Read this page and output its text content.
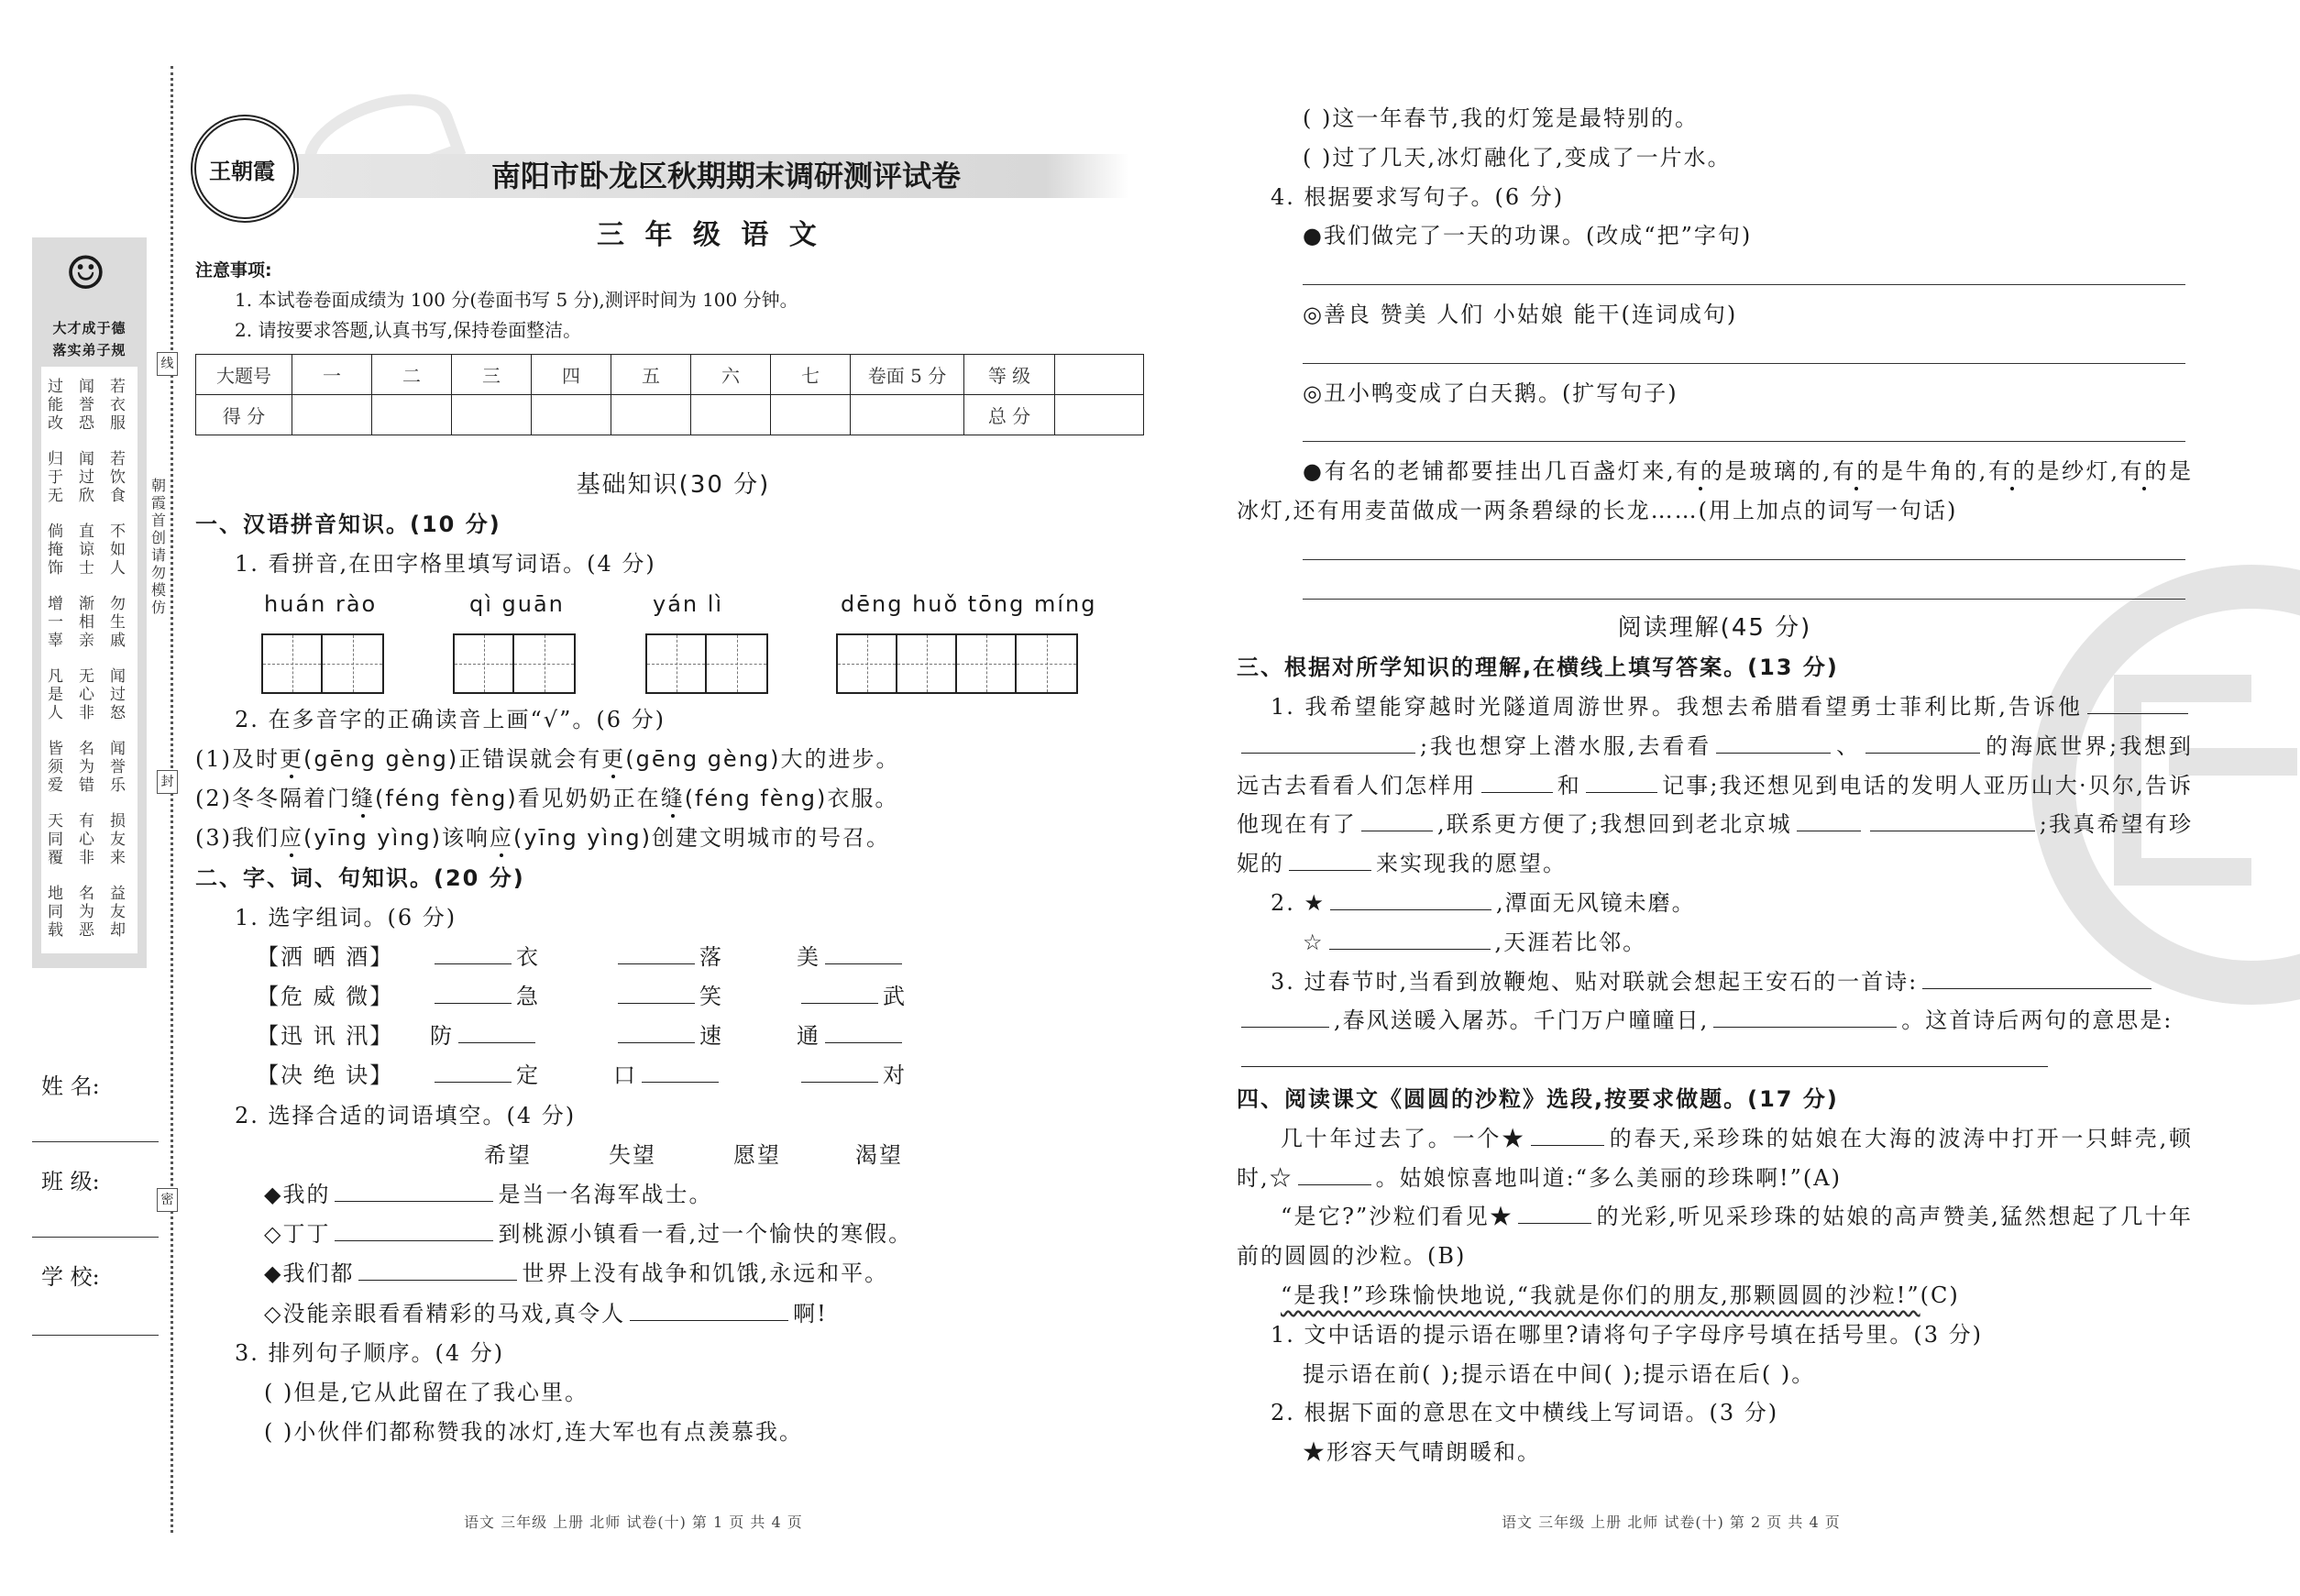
☺
大才成于德
落实弟子规
姓 名:
班 级:
学 校:
线
封
密
朝霞首创 请勿模仿
王朝霞	南阳市卧龙区秋期期末调研测评试卷
三 年 级 语 文
注意事项:
1. 本试卷卷面成绩为 100 分(卷面书写 5 分),测评时间为 100 分钟。
2. 请按要求答题,认真书写,保持卷面整洁。
大题号	一	二	三	四	五	六	七	卷面 5 分	等 级	
得 分									总 分	
基础知识(30 分)
一、汉语拼音知识。(10 分)
1. 看拼音,在田字格里填写词语。(4 分)
huán rào	qì guān	yán lì	dēng huǒ tōng míng
2. 在多音字的正确读音上画“√”。(6 分)
(1)及时更(gēng gèng)正错误就会有更(gēng gèng)大的进步。
(2)冬冬隔着门缝(féng fèng)看见奶奶正在缝(féng fèng)衣服。
(3)我们应(yīng yìng)该响应(yīng yìng)创建文明城市的号召。
二、字、词、句知识。(20 分)
1. 选字组词。(6 分)
【洒 晒 酒】	衣	落	美
【危 威 微】	急	笑	武
【迅 讯 汛】 防	速	通
【决 绝 诀】	定	口	对
2. 选择合适的词语填空。(4 分)
希望	失望	愿望	渴望
◆我的	是当一名海军战士。
◇丁丁	到桃源小镇看一看,过一个愉快的寒假。
◆我们都	世界上没有战争和饥饿,永远和平。
◇没能亲眼看看精彩的马戏,真令人	啊!
3. 排列句子顺序。(4 分)
( )但是,它从此留在了我心里。
( )小伙伴们都称赞我的冰灯,连大军也有点羡慕我。
语文 三年级 上册 北师 试卷(十) 第 1 页 共 4 页
( )这一年春节,我的灯笼是最特别的。
( )过了几天,冰灯融化了,变成了一片水。
4. 根据要求写句子。(6 分)
●我们做完了一天的功课。(改成“把”字句)
◎善良 赞美 人们 小姑娘 能干(连词成句)
◎丑小鸭变成了白天鹅。(扩写句子)
●有名的老铺都要挂出几百盏灯来,有的是玻璃的,有的是牛角的,有的是纱灯,有的是冰灯,还有用麦苗做成一两条碧绿的长龙……(用上加点的词写一句话)
阅读理解(45 分)
三、根据对所学知识的理解,在横线上填写答案。(13 分)
1. 我希望能穿越时光隧道周游世界。我想去希腊看望勇士菲利比斯,告诉他;我也想穿上潜水服,去看看	、	的海底世界;我想到远古去看看人们怎样用	和	记事;我还想见到电话的发明人亚历山大·贝尔,告诉他现在有了	,联系更方便了;我想回到老北京城	;我真希望有珍妮的	来实现我的愿望。
2. ★	,潭面无风镜未磨。
☆	,天涯若比邻。
3. 过春节时,当看到放鞭炮、贴对联就会想起王安石的一首诗:,春风送暖入屠苏。千门万户曈曈日,	。这首诗后两句的意思是:
四、阅读课文《圆圆的沙粒》选段,按要求做题。(17 分)
几十年过去了。一个★	的春天,采珍珠的姑娘在大海的波涛中打开一只蚌壳,顿时,☆	。姑娘惊喜地叫道:“多么美丽的珍珠啊!”(A)
“是它?”沙粒们看见★	的光彩,听见采珍珠的姑娘的高声赞美,猛然想起了几十年前的圆圆的沙粒。(B)
“是我!”珍珠愉快地说,“我就是你们的朋友,那颗圆圆的沙粒!”(C)
1. 文中话语的提示语在哪里?请将句子字母序号填在括号里。(3 分)
提示语在前( );提示语在中间( );提示语在后( )。
2. 根据下面的意思在文中横线上写词语。(3 分)
★形容天气晴朗暖和。
语文 三年级 上册 北师 试卷(十) 第 2 页 共 4 页
过闻若
能誉衣
改恐服
归闻若
于过饮
无欣食
倘直不
掩谅如
饰士人
增渐勿
一相生
辜亲戚
凡无闻
是心过
人非怒
皆名闻
须为誉
爱错乐
天有损
同心友
覆非来
地名益
同为友
载恶却
